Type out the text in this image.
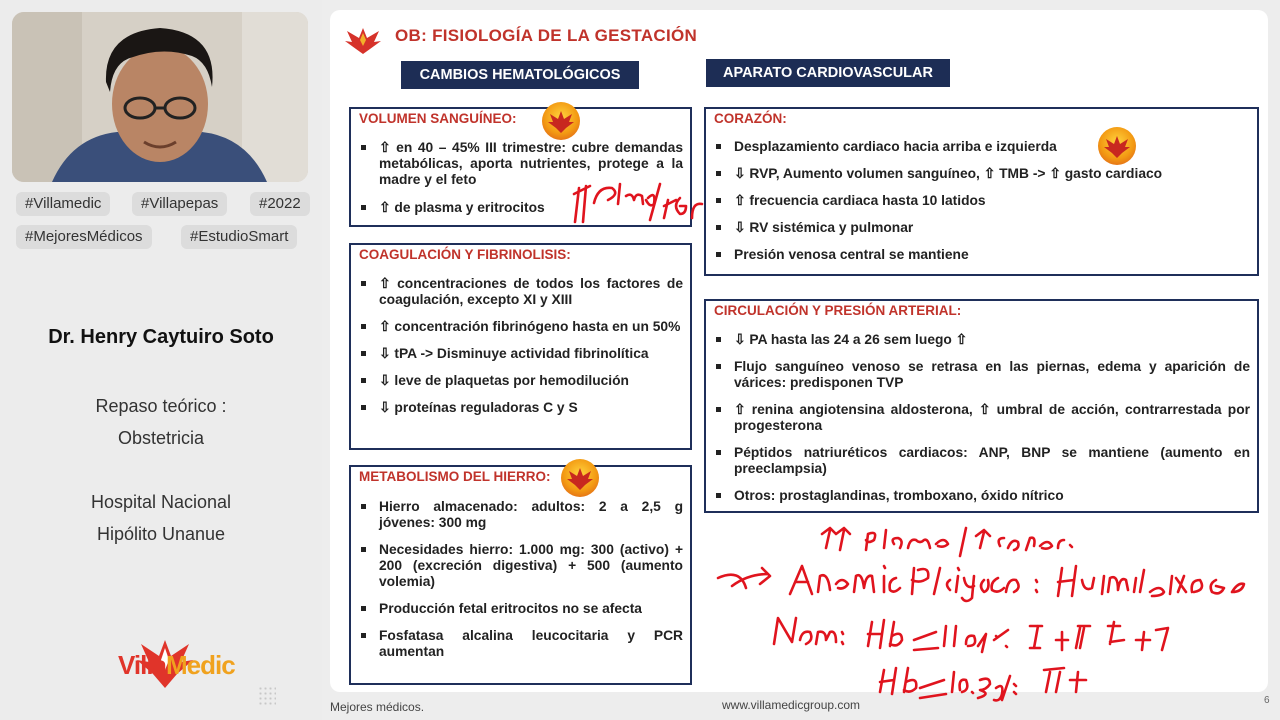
#Villamedic	#Villapepas	#2022
#MejoresMédicos	#EstudioSmart
Dr. Henry Caytuiro Soto
Repaso teórico :
Obstetricia
Hospital Nacional
Hipólito Unanue
VillaMedic
OB: FISIOLOGÍA DE LA GESTACIÓN
CAMBIOS HEMATOLÓGICOS	APARATO CARDIOVASCULAR
VOLUMEN SANGUÍNEO:
⇧ en 40 – 45% III trimestre: cubre demandas metabólicas, aporta nutrientes, protege a la madre y el feto
⇧ de plasma y eritrocitos
COAGULACIÓN Y FIBRINOLISIS:
⇧ concentraciones de todos los factores de coagulación, excepto XI y XIII
⇧ concentración fibrinógeno hasta en un 50%
⇩ tPA -> Disminuye actividad fibrinolítica
⇩ leve de plaquetas por hemodilución
⇩ proteínas reguladoras C y S
METABOLISMO DEL HIERRO:
Hierro almacenado: adultos: 2 a 2,5 g jóvenes: 300 mg
Necesidades hierro: 1.000 mg: 300 (activo) + 200 (excreción digestiva) + 500 (aumento volemia)
Producción fetal eritrocitos no se afecta
Fosfatasa alcalina leucocitaria y PCR aumentan
CORAZÓN:
Desplazamiento cardiaco hacia arriba e izquierda
⇩ RVP, Aumento volumen sanguíneo, ⇧ TMB -> ⇧ gasto cardiaco
⇧ frecuencia cardiaca hasta 10 latidos
⇩ RV sistémica y pulmonar
Presión venosa central se mantiene
CIRCULACIÓN Y PRESIÓN ARTERIAL:
⇩ PA hasta las 24 a 26 sem luego ⇧
Flujo sanguíneo venoso se retrasa en las piernas, edema y aparición de várices: predisponen TVP
⇧ renina angiotensina aldosterona, ⇧ umbral de acción, contrarrestada por progesterona
Péptidos natriuréticos cardiacos: ANP, BNP se mantiene (aumento en preeclampsia)
Otros: prostaglandinas, tromboxano, óxido nítrico
Mejores médicos.	www.villamedicgroup.com	6
